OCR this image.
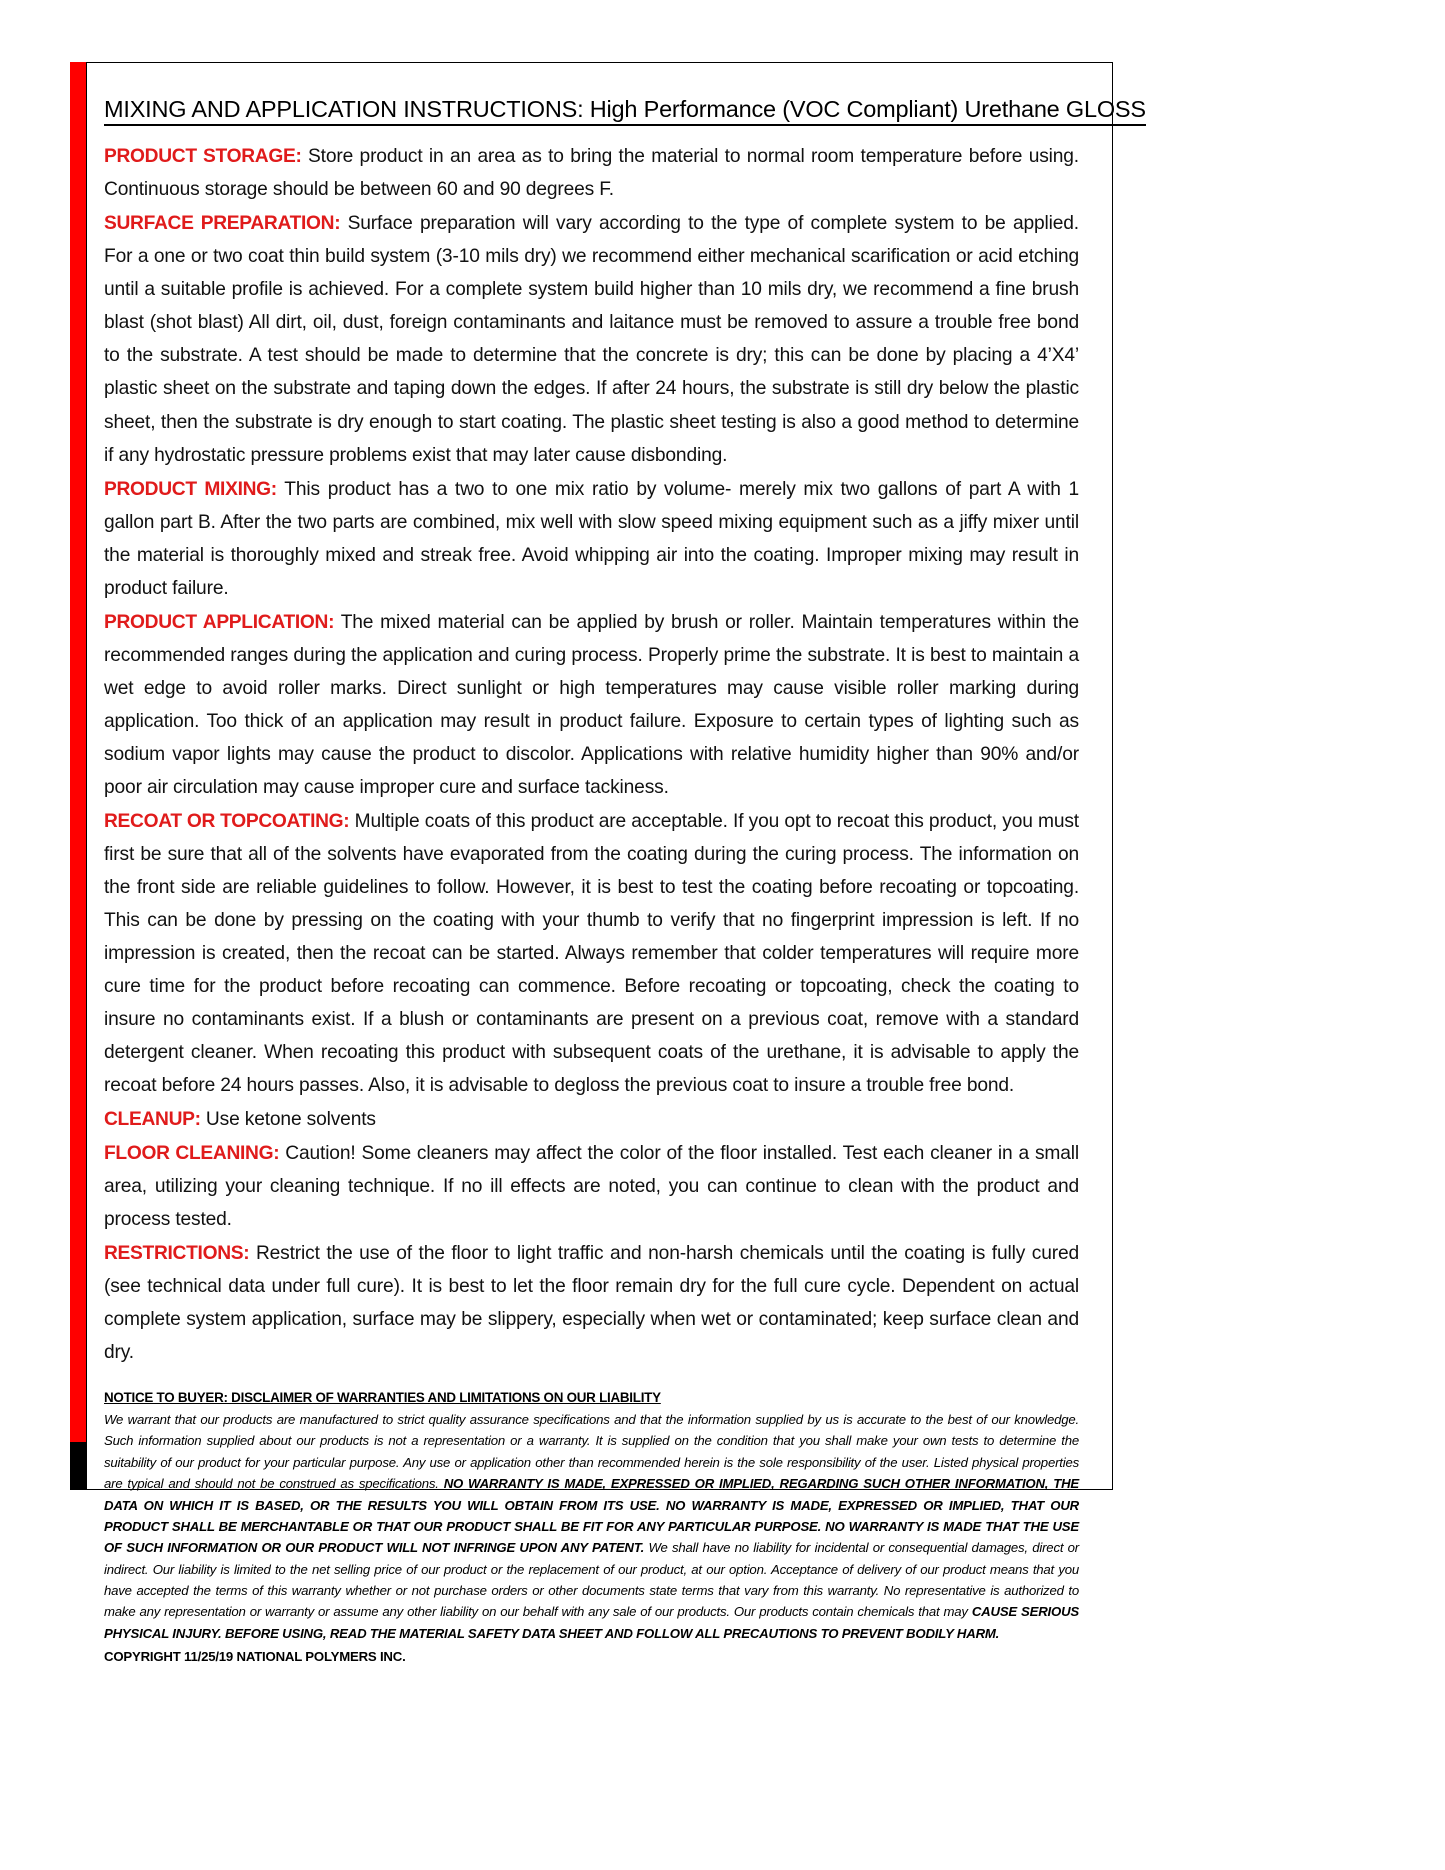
MIXING AND APPLICATION INSTRUCTIONS: High Performance (VOC Compliant) Urethane GLOSS

PRODUCT STORAGE: Store product in an area as to bring the material to normal room temperature before using. Continuous storage should be between 60 and 90 degrees F.

SURFACE PREPARATION: Surface preparation will vary according to the type of complete system to be applied. For a one or two coat thin build system (3-10 mils dry) we recommend either mechanical scarification or acid etching until a suitable profile is achieved. For a complete system build higher than 10 mils dry, we recommend a fine brush blast (shot blast) All dirt, oil, dust, foreign contaminants and laitance must be removed to assure a trouble free bond to the substrate. A test should be made to determine that the concrete is dry; this can be done by placing a 4’X4’ plastic sheet on the substrate and taping down the edges. If after 24 hours, the substrate is still dry below the plastic sheet, then the substrate is dry enough to start coating. The plastic sheet testing is also a good method to determine if any hydrostatic pressure problems exist that may later cause disbonding.

PRODUCT MIXING: This product has a two to one mix ratio by volume- merely mix two gallons of part A with 1 gallon part B. After the two parts are combined, mix well with slow speed mixing equipment such as a jiffy mixer until the material is thoroughly mixed and streak free. Avoid whipping air into the coating. Improper mixing may result in product failure.

PRODUCT APPLICATION: The mixed material can be applied by brush or roller. Maintain temperatures within the recommended ranges during the application and curing process. Properly prime the substrate. It is best to maintain a wet edge to avoid roller marks. Direct sunlight or high temperatures may cause visible roller marking during application. Too thick of an application may result in product failure. Exposure to certain types of lighting such as sodium vapor lights may cause the product to discolor. Applications with relative humidity higher than 90% and/or poor air circulation may cause improper cure and surface tackiness.

RECOAT OR TOPCOATING: Multiple coats of this product are acceptable. If you opt to recoat this product, you must first be sure that all of the solvents have evaporated from the coating during the curing process. The information on the front side are reliable guidelines to follow. However, it is best to test the coating before recoating or topcoating. This can be done by pressing on the coating with your thumb to verify that no fingerprint impression is left. If no impression is created, then the recoat can be started. Always remember that colder temperatures will require more cure time for the product before recoating can commence. Before recoating or topcoating, check the coating to insure no contaminants exist. If a blush or contaminants are present on a previous coat, remove with a standard detergent cleaner. When recoating this product with subsequent coats of the urethane, it is advisable to apply the recoat before 24 hours passes. Also, it is advisable to degloss the previous coat to insure a trouble free bond.

CLEANUP: Use ketone solvents

FLOOR CLEANING: Caution! Some cleaners may affect the color of the floor installed. Test each cleaner in a small area, utilizing your cleaning technique. If no ill effects are noted, you can continue to clean with the product and process tested.

RESTRICTIONS: Restrict the use of the floor to light traffic and non-harsh chemicals until the coating is fully cured (see technical data under full cure). It is best to let the floor remain dry for the full cure cycle. Dependent on actual complete system application, surface may be slippery, especially when wet or contaminated; keep surface clean and dry.

NOTICE TO BUYER: DISCLAIMER OF WARRANTIES AND LIMITATIONS ON OUR LIABILITY

We warrant that our products are manufactured to strict quality assurance specifications and that the information supplied by us is accurate to the best of our knowledge. Such information supplied about our products is not a representation or a warranty. It is supplied on the condition that you shall make your own tests to determine the suitability of our product for your particular purpose. Any use or application other than recommended herein is the sole responsibility of the user. Listed physical properties are typical and should not be construed as specifications. NO WARRANTY IS MADE, EXPRESSED OR IMPLIED, REGARDING SUCH OTHER INFORMATION, THE DATA ON WHICH IT IS BASED, OR THE RESULTS YOU WILL OBTAIN FROM ITS USE. NO WARRANTY IS MADE, EXPRESSED OR IMPLIED, THAT OUR PRODUCT SHALL BE MERCHANTABLE OR THAT OUR PRODUCT SHALL BE FIT FOR ANY PARTICULAR PURPOSE. NO WARRANTY IS MADE THAT THE USE OF SUCH INFORMATION OR OUR PRODUCT WILL NOT INFRINGE UPON ANY PATENT. We shall have no liability for incidental or consequential damages, direct or indirect. Our liability is limited to the net selling price of our product or the replacement of our product, at our option. Acceptance of delivery of our product means that you have accepted the terms of this warranty whether or not purchase orders or other documents state terms that vary from this warranty. No representative is authorized to make any representation or warranty or assume any other liability on our behalf with any sale of our products. Our products contain chemicals that may CAUSE SERIOUS PHYSICAL INJURY. BEFORE USING, READ THE MATERIAL SAFETY DATA SHEET AND FOLLOW ALL PRECAUTIONS TO PREVENT BODILY HARM.

COPYRIGHT 11/25/19 NATIONAL POLYMERS INC.
